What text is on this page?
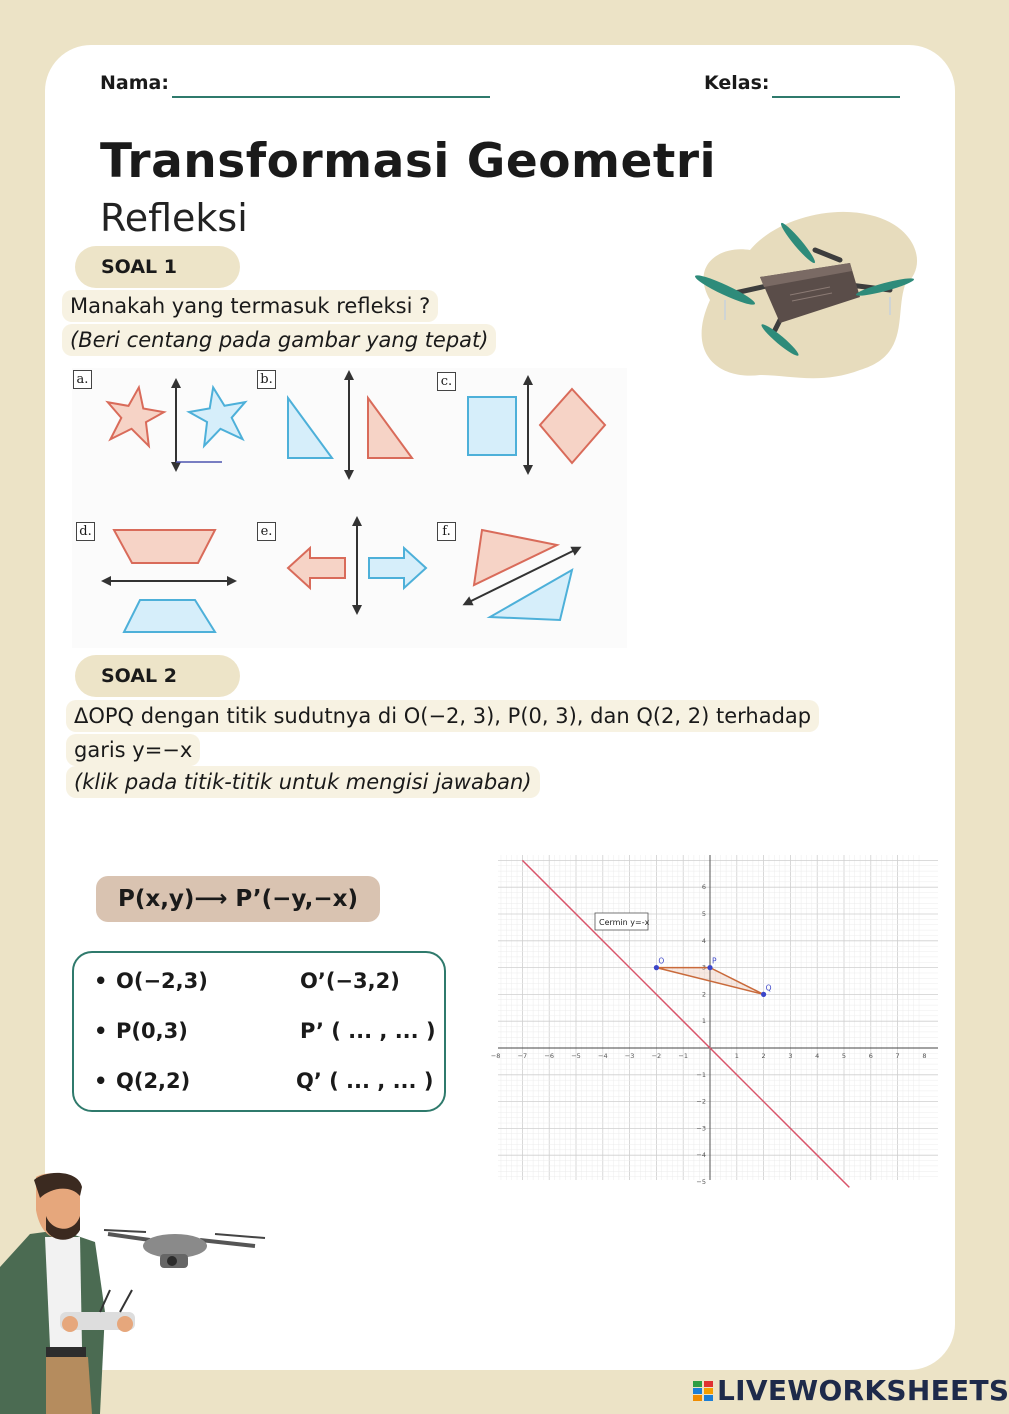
Nama:	Kelas:
Transformasi Geometri
Refleksi
SOAL 1
Manakah yang termasuk refleksi ?
(Beri centang pada gambar yang tepat)
a.	b.	c.
d.	e.	f.
SOAL 2
ΔOPQ dengan titik sudutnya di O(−2, 3), P(0, 3), dan Q(2, 2) terhadap
garis y=−x
(klik pada titik-titik untuk mengisi jawaban)
P(x,y)⟶ P’(−y,−x)
• O(−2,3)	O’(−3,2)
• P(0,3)	P’ ( ... , ... )
• Q(2,2)	Q’ ( ... , ... )
−8	−7	−6	−5	−4	−3	−2	−1	1	2	3	4	5	6	7	8
6
5
4
2
1
−1
−2
−3
−4
−5
Cermin y=-x
O	P
Q
LIVEWORKSHEETS
